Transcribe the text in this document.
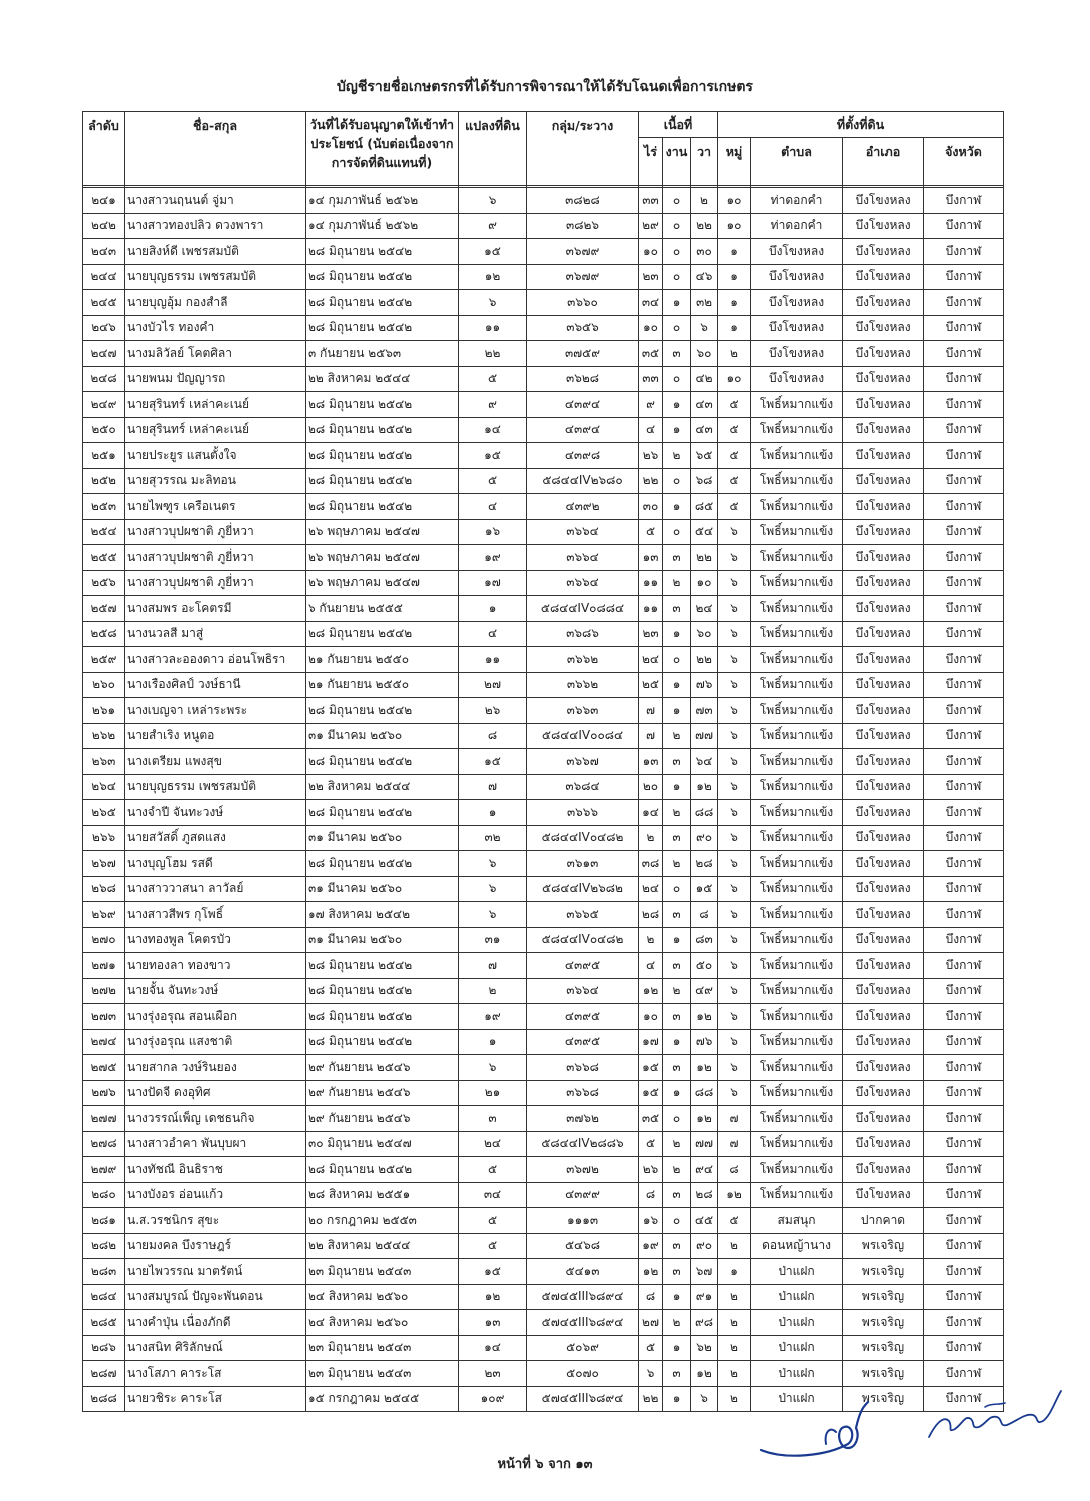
บัญชีรายชื่อเกษตรกรที่ได้รับการพิจารณาให้ได้รับโฉนดเพื่อการเกษตร
ลำดับ	ชื่อ-สกุล	วันที่ได้รับอนุญาตให้เข้าทำประโยชน์ (นับต่อเนื่องจากการจัดที่ดินแทนที่)	แปลงที่ดิน	กลุ่ม/ระวาง	เนื้อที่			ที่ตั้งที่ดิน			
					ไร่	งาน	วา	หมู่	ตำบล	อำเภอ	จังหวัด

๒๔๑	นางสาวนฤนนต์ จู่มา	๑๔ กุมภาพันธ์ ๒๕๖๒	๖	๓๘๒๘	๓๓	๐	๒	๑๐	ท่าดอกคำ	บึงโขงหลง	บึงกาฬ
๒๔๒	นางสาวทองปลิว ดวงพารา	๑๔ กุมภาพันธ์ ๒๕๖๒	๙	๓๘๒๖	๒๙	๐	๒๒	๑๐	ท่าดอกคำ	บึงโขงหลง	บึงกาฬ
๒๔๓	นายสิงห์ดี เพชรสมบัติ	๒๘ มิถุนายน ๒๕๔๒	๑๕	๓๖๗๙	๑๐	๐	๓๐	๑	บึงโขงหลง	บึงโขงหลง	บึงกาฬ
๒๔๔	นายบุญธรรม เพชรสมบัติ	๒๘ มิถุนายน ๒๕๔๒	๑๒	๓๖๗๙	๒๓	๐	๔๖	๑	บึงโขงหลง	บึงโขงหลง	บึงกาฬ
๒๔๕	นายบุญอุ้ม กองสำลี	๒๘ มิถุนายน ๒๕๔๒	๖	๓๖๖๐	๓๔	๑	๓๒	๑	บึงโขงหลง	บึงโขงหลง	บึงกาฬ
๒๔๖	นางบัวไร ทองคำ	๒๘ มิถุนายน ๒๕๔๒	๑๑	๓๖๕๖	๑๐	๐	๖	๑	บึงโขงหลง	บึงโขงหลง	บึงกาฬ
๒๔๗	นางมลิวัลย์ โคตศิลา	๓ กันยายน ๒๕๖๓	๒๒	๓๗๕๙	๓๕	๓	๖๐	๒	บึงโขงหลง	บึงโขงหลง	บึงกาฬ
๒๔๘	นายพนม ปัญญารถ	๒๒ สิงหาคม ๒๕๔๔	๕	๓๖๒๘	๓๓	๐	๔๒	๑๐	บึงโขงหลง	บึงโขงหลง	บึงกาฬ
๒๔๙	นายสุรินทร์ เหล่าคะเนย์	๒๘ มิถุนายน ๒๕๔๒	๙	๔๓๙๔	๙	๑	๔๓	๕	โพธิ์หมากแข้ง	บึงโขงหลง	บึงกาฬ
๒๕๐	นายสุรินทร์ เหล่าคะเนย์	๒๘ มิถุนายน ๒๕๔๒	๑๔	๔๓๙๔	๔	๑	๔๓	๕	โพธิ์หมากแข้ง	บึงโขงหลง	บึงกาฬ
๒๕๑	นายประยูร แสนตั้งใจ	๒๘ มิถุนายน ๒๕๔๒	๑๕	๔๓๙๘	๒๖	๒	๖๕	๕	โพธิ์หมากแข้ง	บึงโขงหลง	บึงกาฬ
๒๕๒	นายสุวรรณ มะลิทอน	๒๘ มิถุนายน ๒๕๔๒	๕	๕๘๔๔IV๒๖๘๐	๒๒	๐	๖๘	๕	โพธิ์หมากแข้ง	บึงโขงหลง	บึงกาฬ
๒๕๓	นายไพฑูร เครือเนตร	๒๘ มิถุนายน ๒๕๔๒	๔	๔๓๙๒	๓๐	๑	๘๕	๕	โพธิ์หมากแข้ง	บึงโขงหลง	บึงกาฬ
๒๕๔	นางสาวบุปผชาติ ภูยี่หวา	๒๖ พฤษภาคม ๒๕๔๗	๑๖	๓๖๖๔	๕	๐	๕๔	๖	โพธิ์หมากแข้ง	บึงโขงหลง	บึงกาฬ
๒๕๕	นางสาวบุปผชาติ ภูยี่หวา	๒๖ พฤษภาคม ๒๕๔๗	๑๙	๓๖๖๔	๑๓	๓	๒๒	๖	โพธิ์หมากแข้ง	บึงโขงหลง	บึงกาฬ
๒๕๖	นางสาวบุปผชาติ ภูยี่หวา	๒๖ พฤษภาคม ๒๕๔๗	๑๗	๓๖๖๔	๑๑	๒	๑๐	๖	โพธิ์หมากแข้ง	บึงโขงหลง	บึงกาฬ
๒๕๗	นางสมพร อะโคตรมี	๖ กันยายน ๒๕๕๕	๑	๕๘๔๔IV๐๘๘๔	๑๑	๓	๒๔	๖	โพธิ์หมากแข้ง	บึงโขงหลง	บึงกาฬ
๒๕๘	นางนวลสี มาสู่	๒๘ มิถุนายน ๒๕๔๒	๔	๓๖๘๖	๒๓	๑	๖๐	๖	โพธิ์หมากแข้ง	บึงโขงหลง	บึงกาฬ
๒๕๙	นางสาวละอองดาว อ่อนโพธิรา	๒๑ กันยายน ๒๕๕๐	๑๑	๓๖๖๒	๒๔	๐	๒๒	๖	โพธิ์หมากแข้ง	บึงโขงหลง	บึงกาฬ
๒๖๐	นางเรืองศิลป์ วงษ์ธานี	๒๑ กันยายน ๒๕๕๐	๒๗	๓๖๖๒	๒๕	๑	๗๖	๖	โพธิ์หมากแข้ง	บึงโขงหลง	บึงกาฬ
๒๖๑	นางเบญจา เหล่าระพระ	๒๘ มิถุนายน ๒๕๔๒	๒๖	๓๖๖๓	๗	๑	๗๓	๖	โพธิ์หมากแข้ง	บึงโขงหลง	บึงกาฬ
๒๖๒	นายสำเริง หนูตอ	๓๑ มีนาคม ๒๕๖๐	๘	๕๘๔๔IV๐๐๘๔	๗	๒	๗๗	๖	โพธิ์หมากแข้ง	บึงโขงหลง	บึงกาฬ
๒๖๓	นางเตรียม แพงสุข	๒๘ มิถุนายน ๒๕๔๒	๑๕	๓๖๖๗	๑๓	๓	๖๔	๖	โพธิ์หมากแข้ง	บึงโขงหลง	บึงกาฬ
๒๖๔	นายบุญธรรม เพชรสมบัติ	๒๒ สิงหาคม ๒๕๔๔	๗	๓๖๘๔	๒๐	๑	๑๒	๖	โพธิ์หมากแข้ง	บึงโขงหลง	บึงกาฬ
๒๖๕	นางจำปี จันทะวงษ์	๒๘ มิถุนายน ๒๕๔๒	๑	๓๖๖๖	๑๔	๒	๘๘	๖	โพธิ์หมากแข้ง	บึงโขงหลง	บึงกาฬ
๒๖๖	นายสวัสดิ์ ภูสดแสง	๓๑ มีนาคม ๒๕๖๐	๓๒	๕๘๔๔IV๐๔๘๒	๒	๓	๙๐	๖	โพธิ์หมากแข้ง	บึงโขงหลง	บึงกาฬ
๒๖๗	นางบุญโฮม รสดี	๒๘ มิถุนายน ๒๕๔๒	๖	๓๖๑๓	๓๘	๒	๒๘	๖	โพธิ์หมากแข้ง	บึงโขงหลง	บึงกาฬ
๒๖๘	นางสาววาสนา ลาวัลย์	๓๑ มีนาคม ๒๕๖๐	๖	๕๘๔๔IV๒๖๘๒	๒๔	๐	๑๕	๖	โพธิ์หมากแข้ง	บึงโขงหลง	บึงกาฬ
๒๖๙	นางสาวสีพร กุโพธิ์	๑๗ สิงหาคม ๒๕๔๒	๖	๓๖๖๕	๒๘	๓	๘	๖	โพธิ์หมากแข้ง	บึงโขงหลง	บึงกาฬ
๒๗๐	นางทองพูล โคตรบัว	๓๑ มีนาคม ๒๕๖๐	๓๑	๕๘๔๔IV๐๔๘๒	๒	๑	๘๓	๖	โพธิ์หมากแข้ง	บึงโขงหลง	บึงกาฬ
๒๗๑	นายทองลา ทองขาว	๒๘ มิถุนายน ๒๕๔๒	๗	๔๓๙๕	๔	๓	๕๐	๖	โพธิ์หมากแข้ง	บึงโขงหลง	บึงกาฬ
๒๗๒	นายจั้น จันทะวงษ์	๒๘ มิถุนายน ๒๕๔๒	๒	๓๖๖๔	๑๒	๒	๔๙	๖	โพธิ์หมากแข้ง	บึงโขงหลง	บึงกาฬ
๒๗๓	นางรุ่งอรุณ สอนเผือก	๒๘ มิถุนายน ๒๕๔๒	๑๙	๔๓๙๕	๑๐	๓	๑๒	๖	โพธิ์หมากแข้ง	บึงโขงหลง	บึงกาฬ
๒๗๔	นางรุ่งอรุณ แสงชาติ	๒๘ มิถุนายน ๒๕๔๒	๑	๔๓๙๕	๑๗	๑	๗๖	๖	โพธิ์หมากแข้ง	บึงโขงหลง	บึงกาฬ
๒๗๕	นายสากล วงษ์รินยอง	๒๙ กันยายน ๒๕๔๖	๖	๓๖๖๘	๑๕	๓	๑๒	๖	โพธิ์หมากแข้ง	บึงโขงหลง	บึงกาฬ
๒๗๖	นางปัดจี ดงอุทิศ	๒๙ กันยายน ๒๕๔๖	๒๑	๓๖๖๘	๑๕	๑	๘๘	๖	โพธิ์หมากแข้ง	บึงโขงหลง	บึงกาฬ
๒๗๗	นางวรรณ์เพ็ญ เดชธนกิจ	๒๙ กันยายน ๒๕๔๖	๓	๓๗๖๒	๓๕	๐	๑๒	๗	โพธิ์หมากแข้ง	บึงโขงหลง	บึงกาฬ
๒๗๘	นางสาวอำคา พันบุบผา	๓๐ มิถุนายน ๒๕๔๗	๒๔	๕๘๔๔IV๒๘๘๖	๕	๒	๗๗	๗	โพธิ์หมากแข้ง	บึงโขงหลง	บึงกาฬ
๒๗๙	นางทัชณี อินธิราช	๒๘ มิถุนายน ๒๕๔๒	๕	๓๖๗๒	๒๖	๒	๙๔	๘	โพธิ์หมากแข้ง	บึงโขงหลง	บึงกาฬ
๒๘๐	นางบังอร อ่อนแก้ว	๒๘ สิงหาคม ๒๕๕๑	๓๔	๔๓๙๙	๘	๓	๒๘	๑๒	โพธิ์หมากแข้ง	บึงโขงหลง	บึงกาฬ
๒๘๑	น.ส.วรชนิกร สุขะ	๒๐ กรกฎาคม ๒๕๕๓	๕	๑๑๑๓	๑๖	๐	๔๕	๕	สมสนุก	ปากคาด	บึงกาฬ
๒๘๒	นายมงคล บึงราษฎร์	๒๒ สิงหาคม ๒๕๔๔	๕	๕๔๖๘	๑๙	๓	๙๐	๒	ดอนหญ้านาง	พรเจริญ	บึงกาฬ
๒๘๓	นายไพวรรณ มาตรัตน์	๒๓ มิถุนายน ๒๕๔๓	๑๕	๕๔๑๓	๑๒	๓	๖๗	๑	ป่าแฝก	พรเจริญ	บึงกาฬ
๒๘๔	นางสมบูรณ์ ปัญจะพันดอน	๒๔ สิงหาคม ๒๕๖๐	๑๒	๕๗๔๕III๖๘๙๔	๘	๑	๙๑	๒	ป่าแฝก	พรเจริญ	บึงกาฬ
๒๘๕	นางคำปุ่น เนื่องภักดี	๒๔ สิงหาคม ๒๕๖๐	๑๓	๕๗๔๕III๖๘๙๔	๒๗	๒	๙๘	๒	ป่าแฝก	พรเจริญ	บึงกาฬ
๒๘๖	นางสนิท ศิริลักษณ์	๒๓ มิถุนายน ๒๕๔๓	๑๔	๕๐๖๙	๕	๑	๖๒	๒	ป่าแฝก	พรเจริญ	บึงกาฬ
๒๘๗	นางโสภา คาระโส	๒๓ มิถุนายน ๒๕๔๓	๒๓	๕๐๗๐	๖	๓	๑๒	๒	ป่าแฝก	พรเจริญ	บึงกาฬ
๒๘๘	นายวชิระ คาระโส	๑๕ กรกฎาคม ๒๕๔๕	๑๐๙	๕๗๔๕III๖๘๙๔	๒๒	๑	๖	๒	ป่าแฝก	พรเจริญ	บึงกาฬ
หน้าที่ ๖ จาก ๑๓
